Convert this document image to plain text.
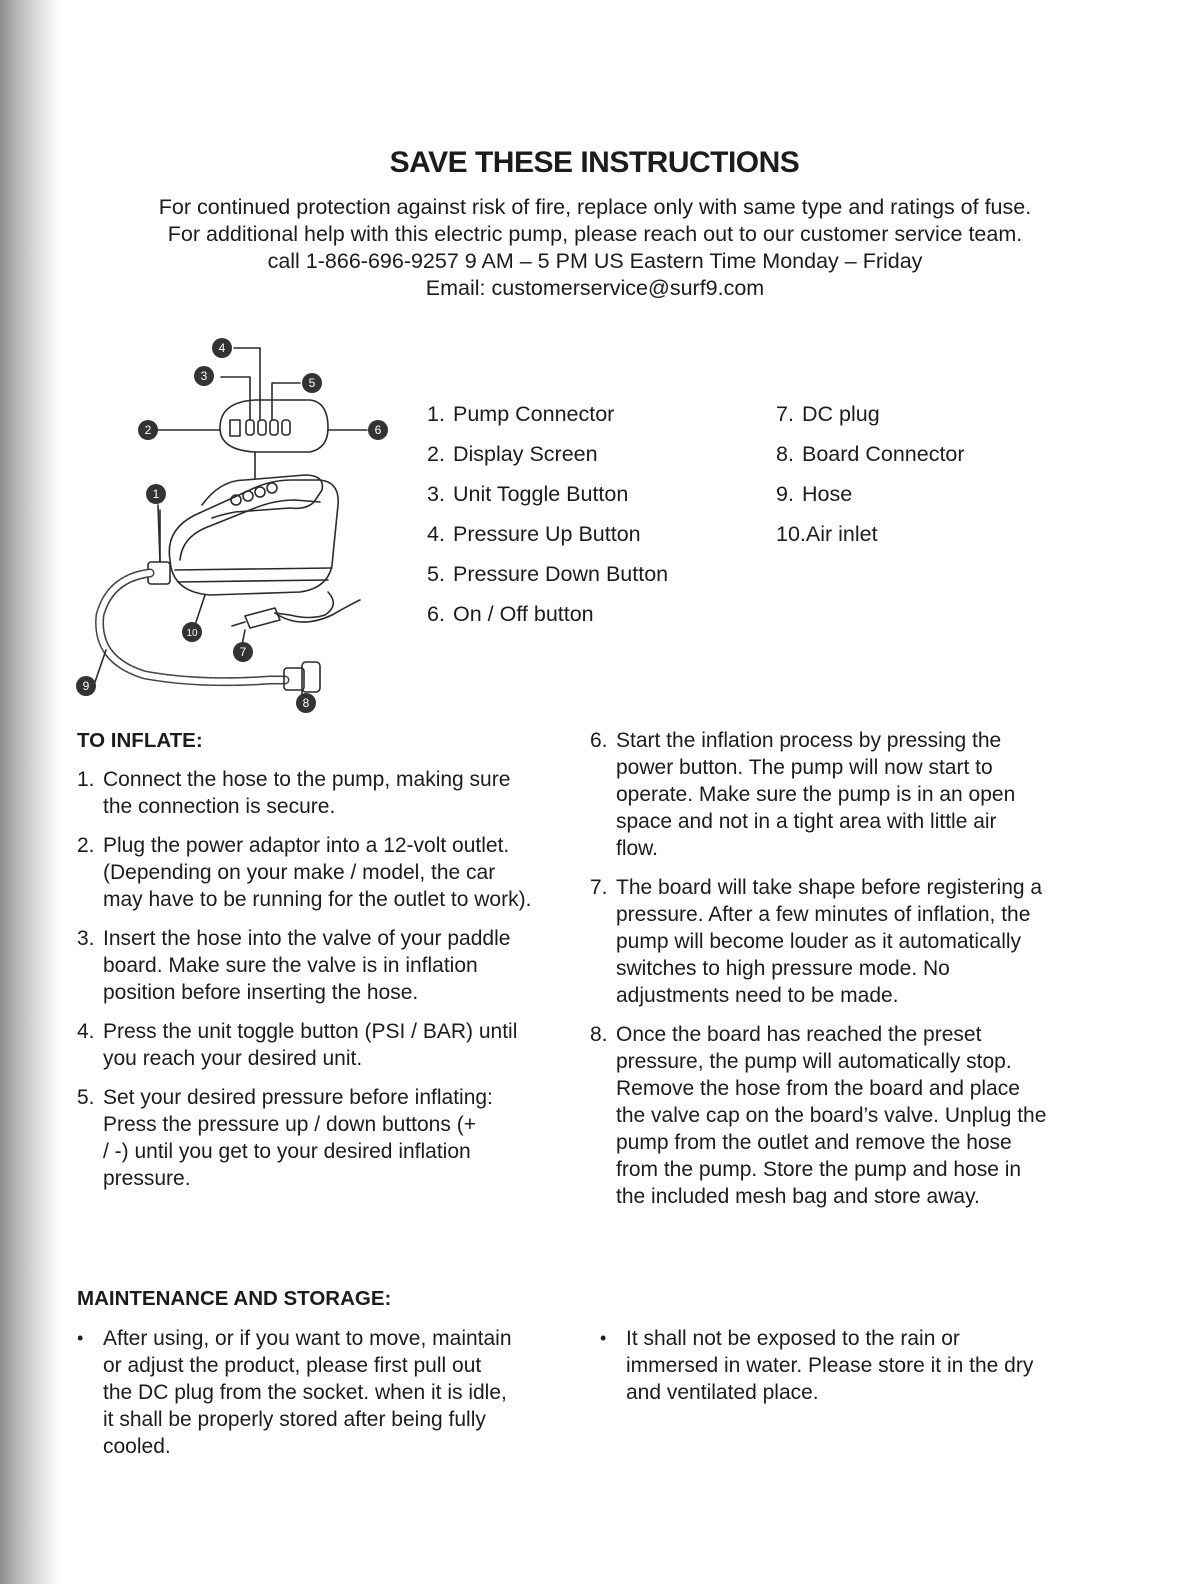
SAVE THESE INSTRUCTIONS
For continued protection against risk of fire, replace only with same type and ratings of fuse.
For additional help with this electric pump, please reach out to our customer service team.
call 1-866-696-9257 9 AM – 5 PM US Eastern Time Monday – Friday
Email: customerservice@surf9.com
1
2
3
4
5
6
7
8
9
10
1. Pump Connector
2. Display Screen
3. Unit Toggle Button
4. Pressure Up Button
5. Pressure Down Button
6. On / Off button
7. DC plug
8. Board Connector
9. Hose
10.Air inlet
TO INFLATE:
1. Connect the hose to the pump, making sure
the connection is secure.
2. Plug the power adaptor into a 12-volt outlet.
(Depending on your make / model, the car
may have to be running for the outlet to work).
3. Insert the hose into the valve of your paddle
board. Make sure the valve is in inflation
position before inserting the hose.
4. Press the unit toggle button (PSI / BAR) until
you reach your desired unit.
5. Set your desired pressure before inflating:
Press the pressure up / down buttons (+
/ -) until you get to your desired inflation
pressure.
6. Start the inflation process by pressing the
power button. The pump will now start to
operate. Make sure the pump is in an open
space and not in a tight area with little air
flow.
7. The board will take shape before registering a
pressure. After a few minutes of inflation, the
pump will become louder as it automatically
switches to high pressure mode. No
adjustments need to be made.
8. Once the board has reached the preset
pressure, the pump will automatically stop.
Remove the hose from the board and place
the valve cap on the board’s valve. Unplug the
pump from the outlet and remove the hose
from the pump. Store the pump and hose in
the included mesh bag and store away.
MAINTENANCE AND STORAGE:
• After using, or if you want to move, maintain
or adjust the product, please first pull out
the DC plug from the socket. when it is idle,
it shall be properly stored after being fully
cooled.
• It shall not be exposed to the rain or
immersed in water. Please store it in the dry
and ventilated place.
